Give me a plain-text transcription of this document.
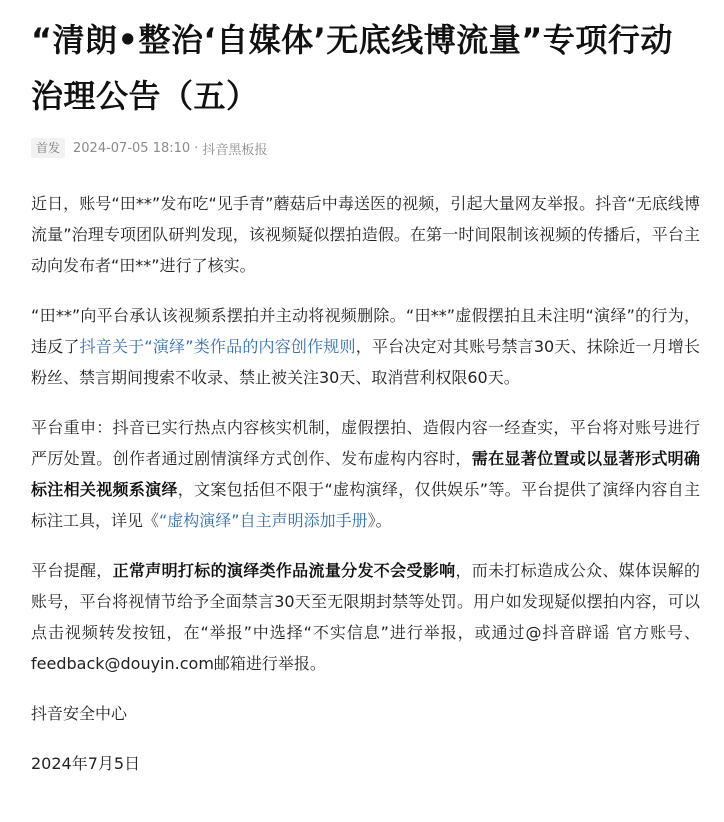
“清朗•整治‘自媒体’无底线博流量”专项行动治理公告（五）
首发	2024-07-05 18:10 · 抖音黑板报

近日，账号“田**”发布吃“见手青”蘑菇后中毒送医的视频，引起大量网友举报。抖音“无底线博流量”治理专项团队研判发现，该视频疑似摆拍造假。在第一时间限制该视频的传播后，平台主动向发布者“田**”进行了核实。

“田**”向平台承认该视频系摆拍并主动将视频删除。“田**”虚假摆拍且未注明“演绎”的行为，违反了抖音关于“演绎”类作品的内容创作规则，平台决定对其账号禁言30天、抹除近一月增长粉丝、禁言期间搜索不收录、禁止被关注30天、取消营利权限60天。

平台重申：抖音已实行热点内容核实机制，虚假摆拍、造假内容一经查实，平台将对账号进行严厉处置。创作者通过剧情演绎方式创作、发布虚构内容时，需在显著位置或以显著形式明确标注相关视频系演绎，文案包括但不限于“虚构演绎，仅供娱乐”等。平台提供了演绎内容自主标注工具，详见《“虚构演绎”自主声明添加手册》。

平台提醒，正常声明打标的演绎类作品流量分发不会受影响，而未打标造成公众、媒体误解的账号，平台将视情节给予全面禁言30天至无限期封禁等处罚。用户如发现疑似摆拍内容，可以点击视频转发按钮，在“举报”中选择“不实信息”进行举报，或通过@抖音辟谣 官方账号、feedback@douyin.com邮箱进行举报。

抖音安全中心

2024年7月5日
